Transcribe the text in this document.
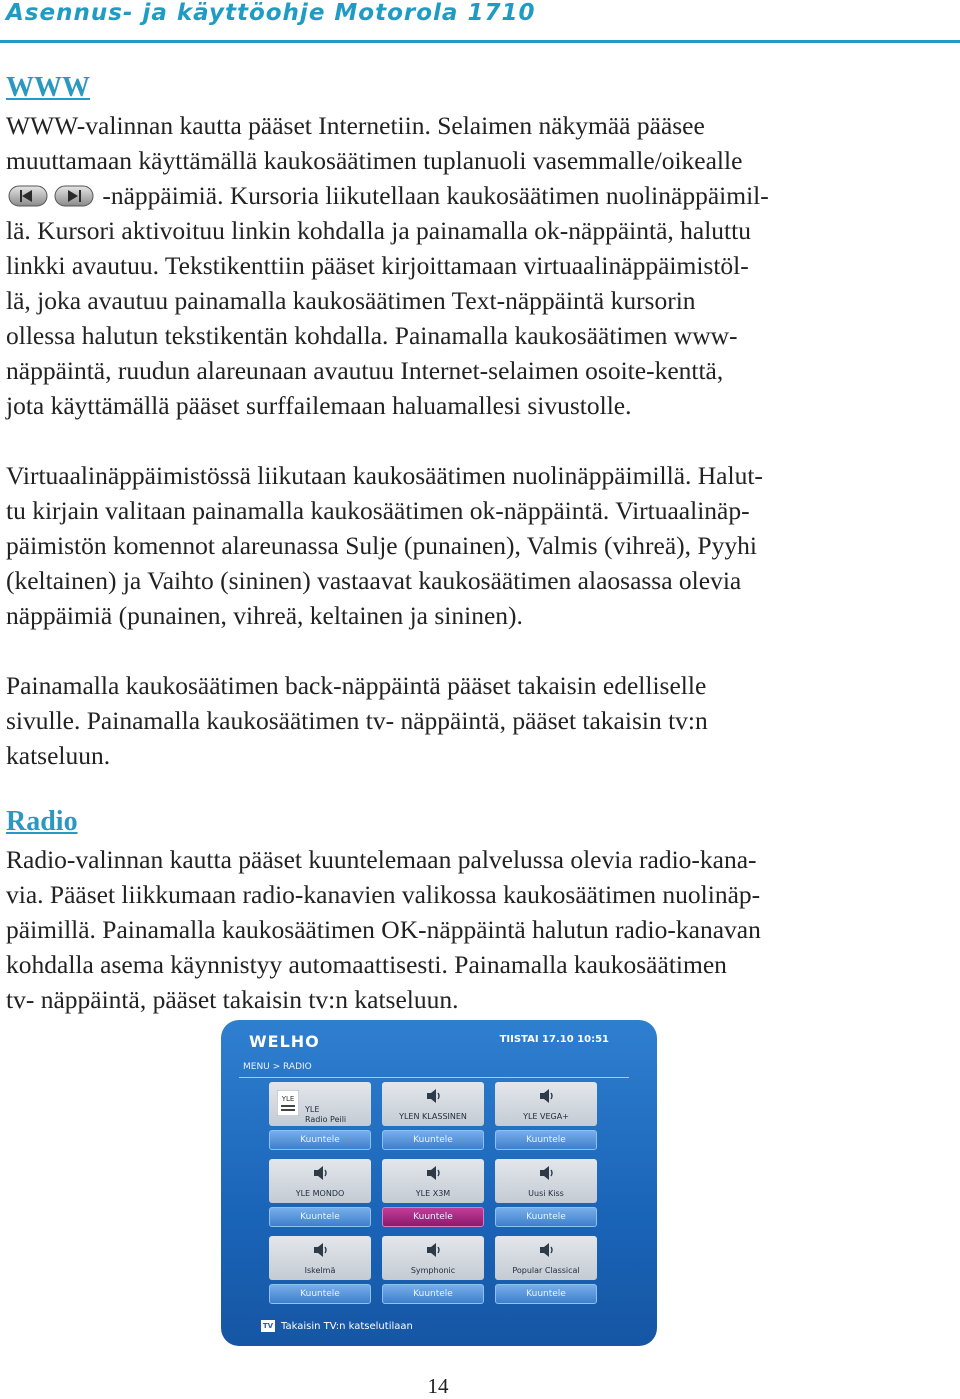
Asennus- ja käyttöohje Motorola 1710
WWW
WWW-valinnan kautta pääset Internetiin. Selaimen näkymää pääsee
muuttamaan käyttämällä kaukosäätimen tuplanuoli vasemmalle/oikealle
-näppäimiä. Kursoria liikutellaan kaukosäätimen nuolinäppäimil-
lä. Kursori aktivoituu linkin kohdalla ja painamalla ok-näppäintä, haluttu
linkki avautuu. Tekstikenttiin pääset kirjoittamaan virtuaalinäppäimistöl-
lä, joka avautuu painamalla kaukosäätimen Text-näppäintä kursorin
ollessa halutun tekstikentän kohdalla. Painamalla kaukosäätimen www-
näppäintä, ruudun alareunaan avautuu Internet-selaimen osoite-kenttä,
jota käyttämällä pääset surffailemaan haluamallesi sivustolle.
Virtuaalinäppäimistössä liikutaan kaukosäätimen nuolinäppäimillä. Halut-
tu kirjain valitaan painamalla kaukosäätimen ok-näppäintä. Virtuaalinäp-
päimistön komennot alareunassa Sulje (punainen), Valmis (vihreä), Pyyhi
(keltainen) ja Vaihto (sininen) vastaavat kaukosäätimen alaosassa olevia
näppäimiä (punainen, vihreä, keltainen ja sininen).
Painamalla kaukosäätimen back-näppäintä pääset takaisin edelliselle
sivulle. Painamalla kaukosäätimen tv- näppäintä, pääset takaisin tv:n
katseluun.
Radio
Radio-valinnan kautta pääset kuuntelemaan palvelussa olevia radio-kana-
via. Pääset liikkumaan radio-kanavien valikossa kaukosäätimen nuolinäp-
päimillä. Painamalla kaukosäätimen OK-näppäintä halutun radio-kanavan
kohdalla asema käynnistyy automaattisesti. Painamalla kaukosäätimen
tv- näppäintä, pääset takaisin tv:n katseluun.
WELHO	TIISTAI 17.10 10:51
MENU > RADIO
YLE
YLE
Radio Peili
Kuuntele
YLEN KLASSINEN
Kuuntele
YLE VEGA+
Kuuntele
YLE MONDO
Kuuntele
YLE X3M
Kuuntele
Uusi Kiss
Kuuntele
Iskelmä
Kuuntele
Symphonic
Kuuntele
Popular Classical
Kuuntele
TV Takaisin TV:n katselutilaan
14
